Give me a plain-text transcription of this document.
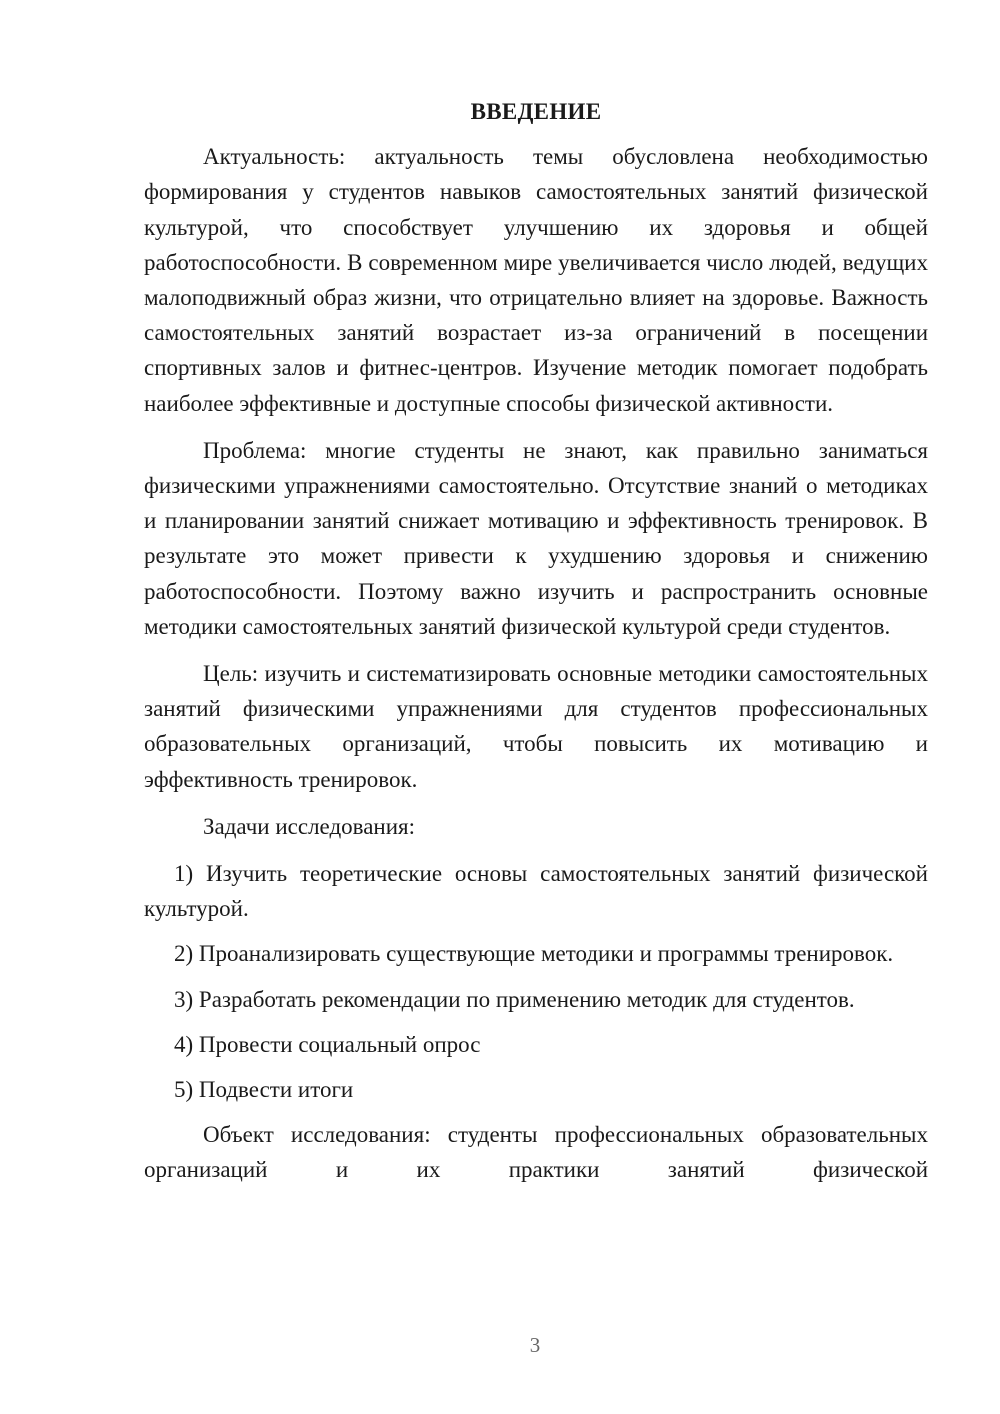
ВВЕДЕНИЕ

Актуальность: актуальность темы обусловлена необходимостью формирования у студентов навыков самостоятельных занятий физической культурой, что способствует улучшению их здоровья и общей работоспособности. В современном мире увеличивается число людей, ведущих малоподвижный образ жизни, что отрицательно влияет на здоровье. Важность самостоятельных занятий возрастает из-за ограничений в посещении спортивных залов и фитнес-центров. Изучение методик помогает подобрать наиболее эффективные и доступные способы физической активности.

Проблема: многие студенты не знают, как правильно заниматься физическими упражнениями самостоятельно. Отсутствие знаний о методиках и планировании занятий снижает мотивацию и эффективность тренировок. В результате это может привести к ухудшению здоровья и снижению работоспособности. Поэтому важно изучить и распространить основные методики самостоятельных занятий физической культурой среди студентов.

Цель: изучить и систематизировать основные методики самостоятельных занятий физическими упражнениями для студентов профессиональных образовательных организаций, чтобы повысить их мотивацию и эффективность тренировок.

Задачи исследования:

1) Изучить теоретические основы самостоятельных занятий физической культурой.

2) Проанализировать существующие методики и программы тренировок.

3) Разработать рекомендации по применению методик для студентов.

4) Провести социальный опрос

5) Подвести итоги

Объект исследования: студенты профессиональных образовательных организаций и их практики занятий физической

3
